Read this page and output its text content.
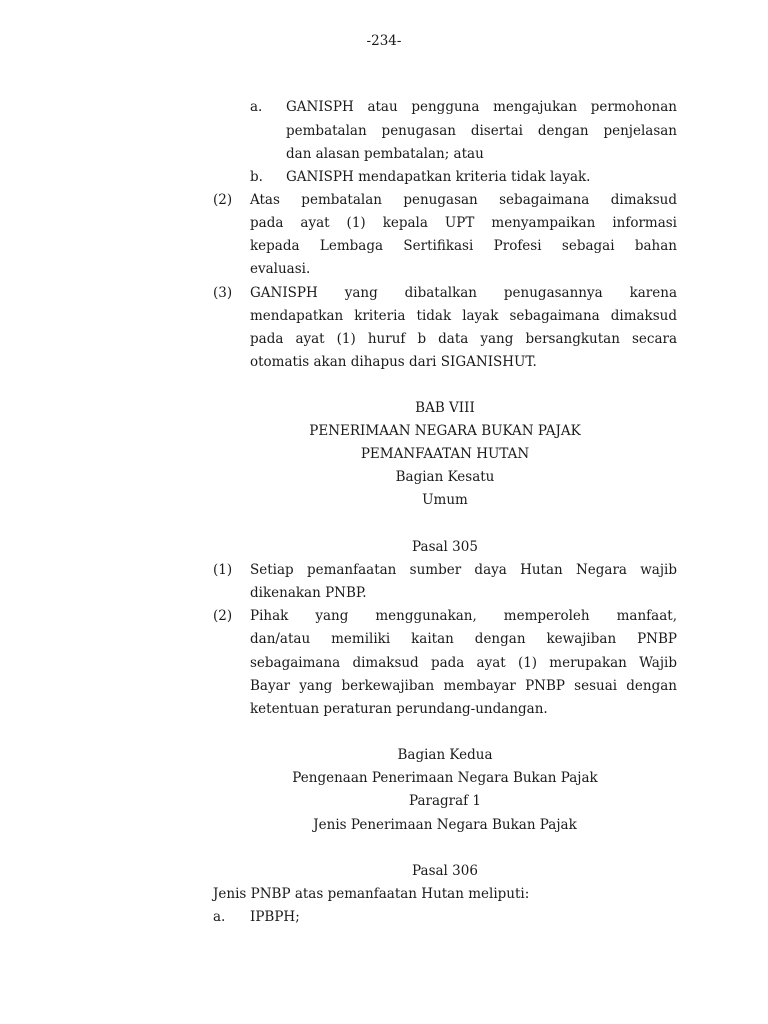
-234-
a. GANISPH atau pengguna mengajukan permohonan
pembatalan penugasan disertai dengan penjelasan
dan alasan pembatalan; atau
b. GANISPH mendapatkan kriteria tidak layak.
(2) Atas pembatalan penugasan sebagaimana dimaksud
pada ayat (1) kepala UPT menyampaikan informasi
kepada Lembaga Sertifikasi Profesi sebagai bahan
evaluasi.
(3) GANISPH yang dibatalkan penugasannya karena
mendapatkan kriteria tidak layak sebagaimana dimaksud
pada ayat (1) huruf b data yang bersangkutan secara
otomatis akan dihapus dari SIGANISHUT.
BAB VIII
PENERIMAAN NEGARA BUKAN PAJAK
PEMANFAATAN HUTAN
Bagian Kesatu
Umum
Pasal 305
(1) Setiap pemanfaatan sumber daya Hutan Negara wajib
dikenakan PNBP.
(2) Pihak yang menggunakan, memperoleh manfaat,
dan/atau memiliki kaitan dengan kewajiban PNBP
sebagaimana dimaksud pada ayat (1) merupakan Wajib
Bayar yang berkewajiban membayar PNBP sesuai dengan
ketentuan peraturan perundang-undangan.
Bagian Kedua
Pengenaan Penerimaan Negara Bukan Pajak
Paragraf 1
Jenis Penerimaan Negara Bukan Pajak
Pasal 306
Jenis PNBP atas pemanfaatan Hutan meliputi:
a. IPBPH;
